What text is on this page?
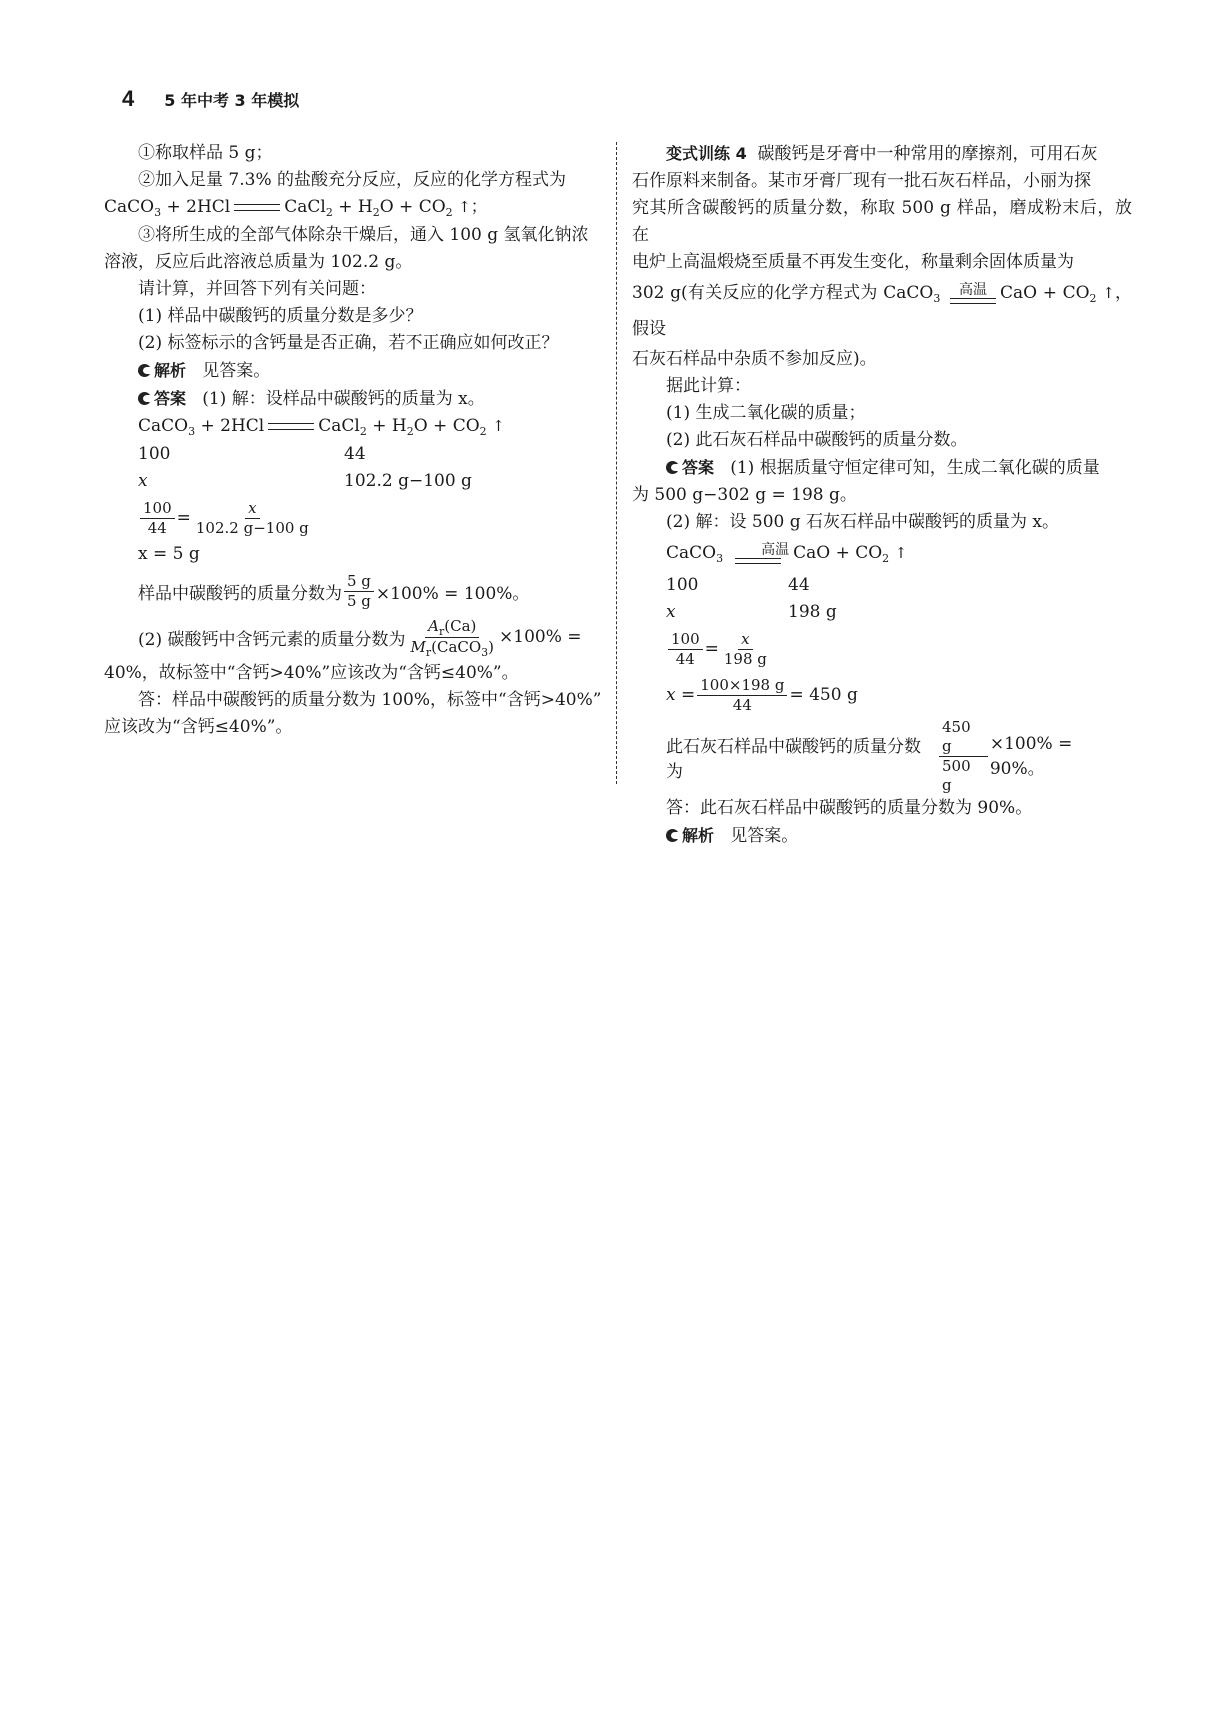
4 5 年中考 3 年模拟

①称取样品 5 g；

②加入足量 7.3% 的盐酸充分反应，反应的化学方程式为

CaCO$_3$ + 2HCl	CaCl$_2$ + $H_2O + CO_2$ ↑；

③将所生成的全部气体除杂干燥后，通入 100 g 氢氧化钠浓

溶液，反应后此溶液总质量为 102.2 g。

请计算，并回答下列有关问题：

(1) 样品中碳酸钙的质量分数是多少？

(2) 标签标示的含钙量是否正确，若不正确应如何改正？

解析 见答案。

答案 (1) 解：设样品中碳酸钙的质量为 x。

CaCO$_3$ + 2HCl	CaCl$_2$ + $H_2O + CO_2$ ↑

100	44
x	102.2 g−100 g
$\frac{100}{44} = \frac{x}{102.2 g-100 g}$

x = 5 g

样品中碳酸钙的质量分数为 $\frac{5 g}{5 g} \times 100\% = 100\%$。
(2) 碳酸钙中含钙元素的质量分数为 $\frac{A_r(Ca)}{M_r(CaCO_3)} \times 100\%$ =

40%，故标签中“含钙>40%”应该改为“含钙≤40%”。

答：样品中碳酸钙的质量分数为 100%，标签中“含钙>40%”

应该改为“含钙≤40%”。

变式训练 4 碳酸钙是牙膏中一种常用的摩擦剂，可用石灰

石作原料来制备。某市牙膏厂现有一批石灰石样品，小丽为探

究其所含碳酸钙的质量分数，称取 500 g 样品，磨成粉末后，放在

电炉上高温煅烧至质量不再发生变化，称量剩余固体质量为

302 g(有关反应的化学方程式为 CaCO$_3$
高温 CaO + $CO_2$ ↑，假设

石灰石样品中杂质不参加反应)。

据此计算：

(1) 生成二氧化碳的质量；

(2) 此石灰石样品中碳酸钙的质量分数。

答案 (1) 根据质量守恒定律可知，生成二氧化碳的质量

为 500 g−302 g = 198 g。

(2) 解：设 500 g 石灰石样品中碳酸钙的质量为 x。

CaCO$_3$
高温 CaO + $CO_2$ ↑

100	44
x	198 g
$\frac{100}{44} = \frac{x}{198 g}$
$x = \frac{100\times 198 g}{44} = 450$ g
此石灰石样品中碳酸钙的质量分数为	$\frac{450 g}{500 g} \times 100\% = 90\%$。

答：此石灰石样品中碳酸钙的质量分数为 90%。

解析 见答案。
